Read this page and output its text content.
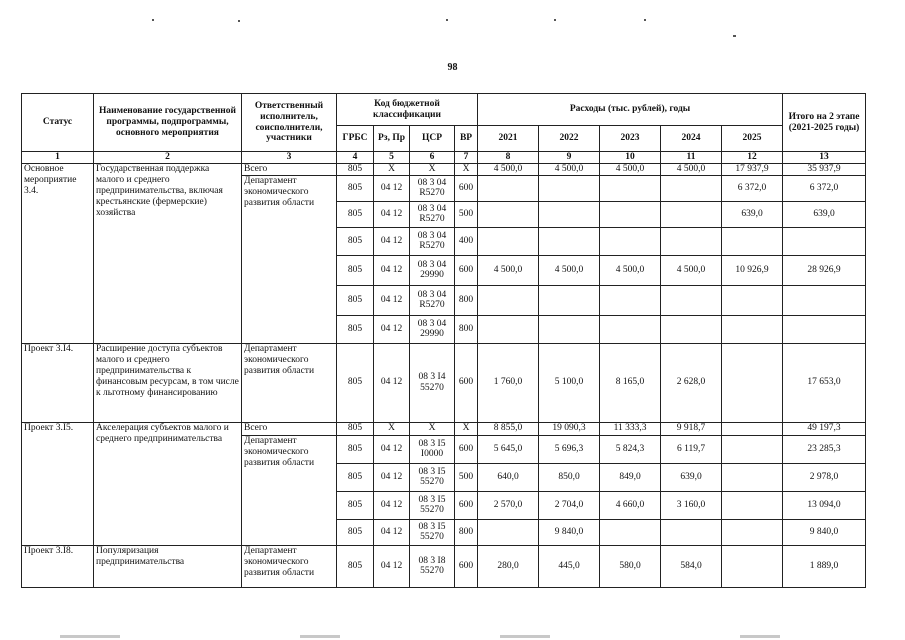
98
Статус	Наименование государственной программы, подпрограммы, основного мероприятия	Ответственный исполнитель, соисполнители, участники	Код бюджетной классификации				Расходы (тыс. рублей), годы					Итого на 2 этапе (2021-2025 годы)
			ГРБС	Рз, Пр	ЦСР	ВР	2021	2022	2023	2024	2025	
1	2	3	4	5	6	7	8	9	10	11	12	13
Основное мероприятие 3.4.	Государственная поддержка малого и среднего предпринимательства, включая крестьянские (фермерские) хозяйства	Всего	805	X	X	X	4 500,0	4 500,0	4 500,0	4 500,0	17 937,9	35 937,9
		Департамент экономического развития области	805	04 12	08 3 04 R5270	600					6 372,0	6 372,0
			805	04 12	08 3 04 R5270	500					639,0	639,0
			805	04 12	08 3 04 R5270	400						
			805	04 12	08 3 04 29990	600	4 500,0	4 500,0	4 500,0	4 500,0	10 926,9	28 926,9
			805	04 12	08 3 04 R5270	800						
			805	04 12	08 3 04 29990	800						
Проект 3.I4.	Расширение доступа субъектов малого и среднего предпринимательства к финансовым ресурсам, в том числе к льготному финансированию	Департамент экономического развития области	805	04 12	08 3 I4 55270	600	1 760,0	5 100,0	8 165,0	2 628,0		17 653,0
Проект 3.I5.	Акселерация субъектов малого и среднего предпринимательства	Всего	805	X	X	X	8 855,0	19 090,3	11 333,3	9 918,7		49 197,3
		Департамент экономического развития области	805	04 12	08 3 I5 I0000	600	5 645,0	5 696,3	5 824,3	6 119,7		23 285,3
			805	04 12	08 3 I5 55270	500	640,0	850,0	849,0	639,0		2 978,0
			805	04 12	08 3 I5 55270	600	2 570,0	2 704,0	4 660,0	3 160,0		13 094,0
			805	04 12	08 3 I5 55270	800		9 840,0				9 840,0
Проект 3.I8.	Популяризация предпринимательства	Департамент экономического развития области	805	04 12	08 3 I8 55270	600	280,0	445,0	580,0	584,0		1 889,0
